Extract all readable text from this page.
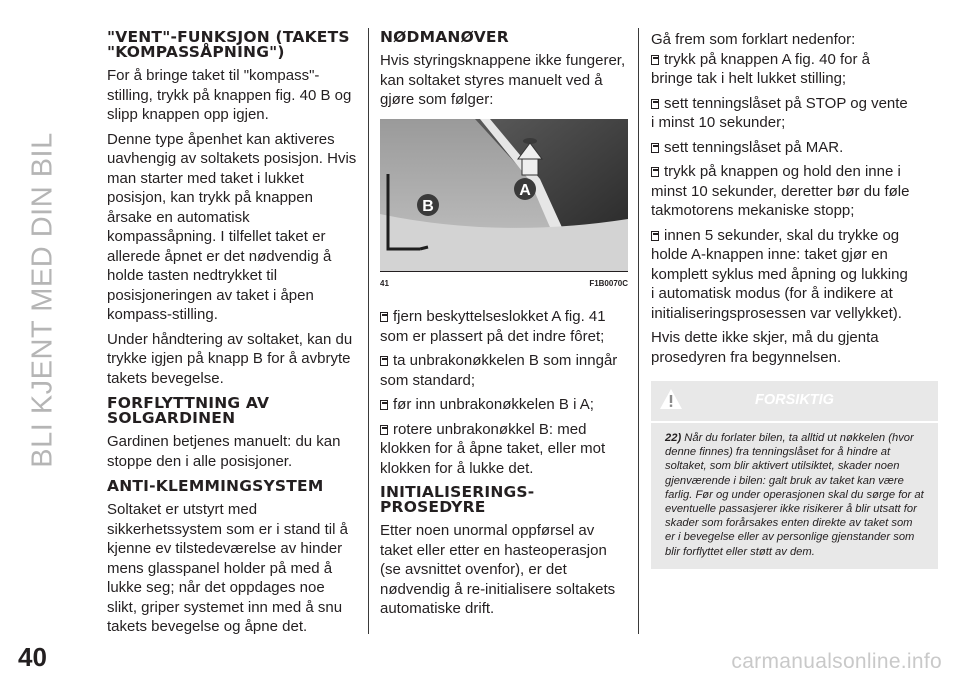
BLI KJENT MED DIN BIL
"VENT"-FUNKSJON (TAKETS "KOMPASSÅPNING")

For å bringe taket til "kompass"-stilling, trykk på knappen fig. 40 B og slipp knappen opp igjen.

Denne type åpenhet kan aktiveres uavhengig av soltakets posisjon. Hvis man starter med taket i lukket posisjon, kan trykk på knappen årsake en automatisk kompassåpning. I tilfellet taket er allerede åpnet er det nødvendig å holde tasten nedtrykket til posisjoneringen av taket i åpen kompass-stilling.

Under håndtering av soltaket, kan du trykke igjen på knapp B for å avbryte takets bevegelse.

FORFLYTTNING AV SOLGARDINEN

Gardinen betjenes manuelt: du kan stoppe den i alle posisjoner.

ANTI-KLEMMINGSYSTEM

Soltaket er utstyrt med sikkerhetssystem som er i stand til å kjenne ev tilstedeværelse av hinder mens glasspanel holder på med å lukke seg; når det oppdages noe slikt, griper systemet inn med å snu takets bevegelse og åpne det.

NØDMANØVER

Hvis styringsknappene ikke fungerer, kan soltaket styres manuelt ved å gjøre som følger:

A
B
41	F1B0070C

fjern beskyttelseslokket A fig. 41 som er plassert på det indre fôret;

ta unbrakonøkkelen B som inngår som standard;

før inn unbrakonøkkelen B i A;

rotere unbrakonøkkel B: med klokken for å åpne taket, eller mot klokken for å lukke det.

INITIALISERINGS- PROSEDYRE

Etter noen unormal oppførsel av taket eller etter en hasteoperasjon (se avsnittet ovenfor), er det nødvendig å re-initialisere soltakets automatiske drift.

Gå frem som forklart nedenfor:

trykk på knappen A fig. 40 for å bringe tak i helt lukket stilling;

sett tenningslåset på STOP og vente i minst 10 sekunder;

sett tenningslåset på MAR.

trykk på knappen og hold den inne i minst 10 sekunder, deretter bør du føle takmotorens mekaniske stopp;

innen 5 sekunder, skal du trykke og holde A-knappen inne: taket gjør en komplett syklus med åpning og lukking i automatisk modus (for å indikere at initialiseringsprosessen var vellykket).

Hvis dette ikke skjer, må du gjenta prosedyren fra begynnelsen.

FORSIKTIG
22) Når du forlater bilen, ta alltid ut nøkkelen (hvor denne finnes) fra tenningslåset for å hindre at soltaket, som blir aktivert utilsiktet, skader noen gjenværende i bilen: galt bruk av taket kan være farlig. Før og under operasjonen skal du sørge for at eventuelle passasjerer ikke risikerer å blir utsatt for skader som forårsakes enten direkte av taket som er i bevegelse eller av personlige gjenstander som blir forflyttet eller støtt av dem.
40	carmanualsonline.info
